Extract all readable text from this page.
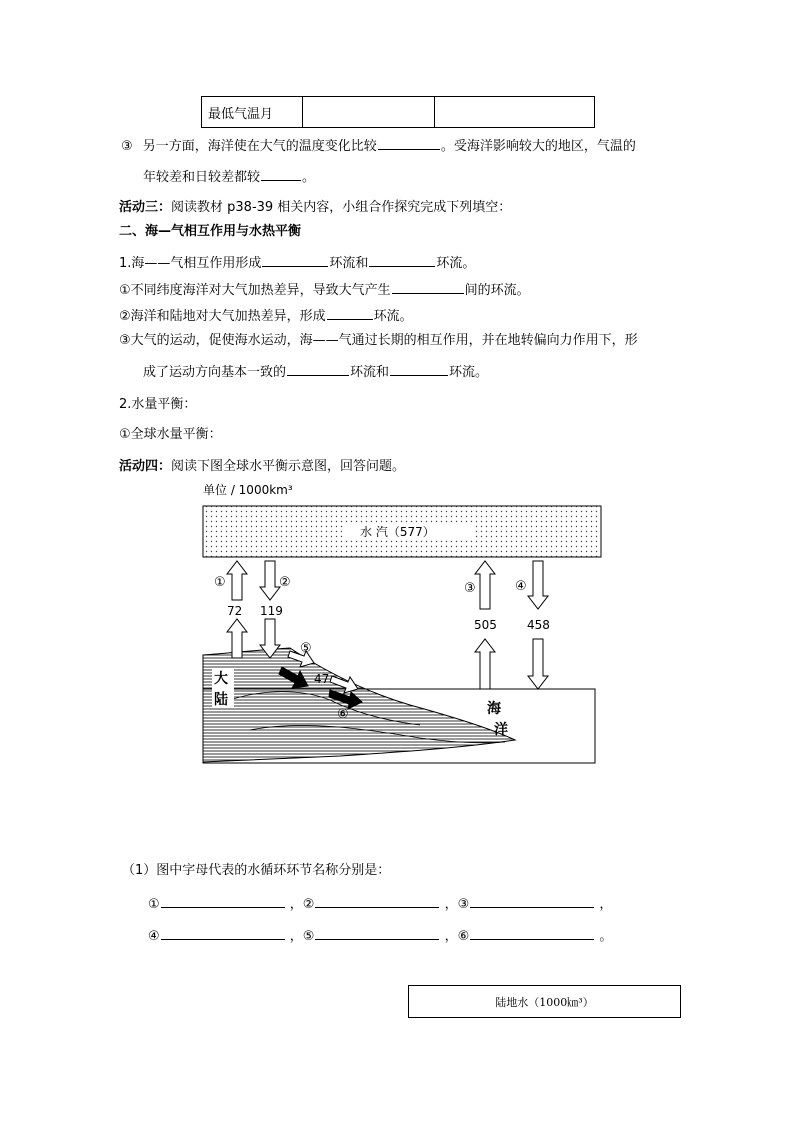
最低气温月		
③ 另一方面，海洋使在大气的温度变化比较	。受海洋影响较大的地区，气温的
年较差和日较差都较	。
活动三：阅读教材 p38-39 相关内容，小组合作探究完成下列填空：
二、海—气相互作用与水热平衡
1.海——气相互作用形成	环流和	环流。
①不同纬度海洋对大气加热差异，导致大气产生	间的环流。
②海洋和陆地对大气加热差异，形成	环流。
③大气的运动，促使海水运动，海——气通过长期的相互作用，并在地转偏向力作用下，形
成了运动方向基本一致的	环流和	环流。
2.水量平衡：
①全球水量平衡：
活动四：阅读下图全球水平衡示意图，回答问题。
单位 / 1000km³
水 汽（577）
大
陆
海
洋
①	②	③	④
⑤
⑥
72 119
505	458
47
（1）图中字母代表的水循环环节名称分别是：
①	，②	，③	，
④	，⑤	，⑥	。
陆地水（1000㎞³）
